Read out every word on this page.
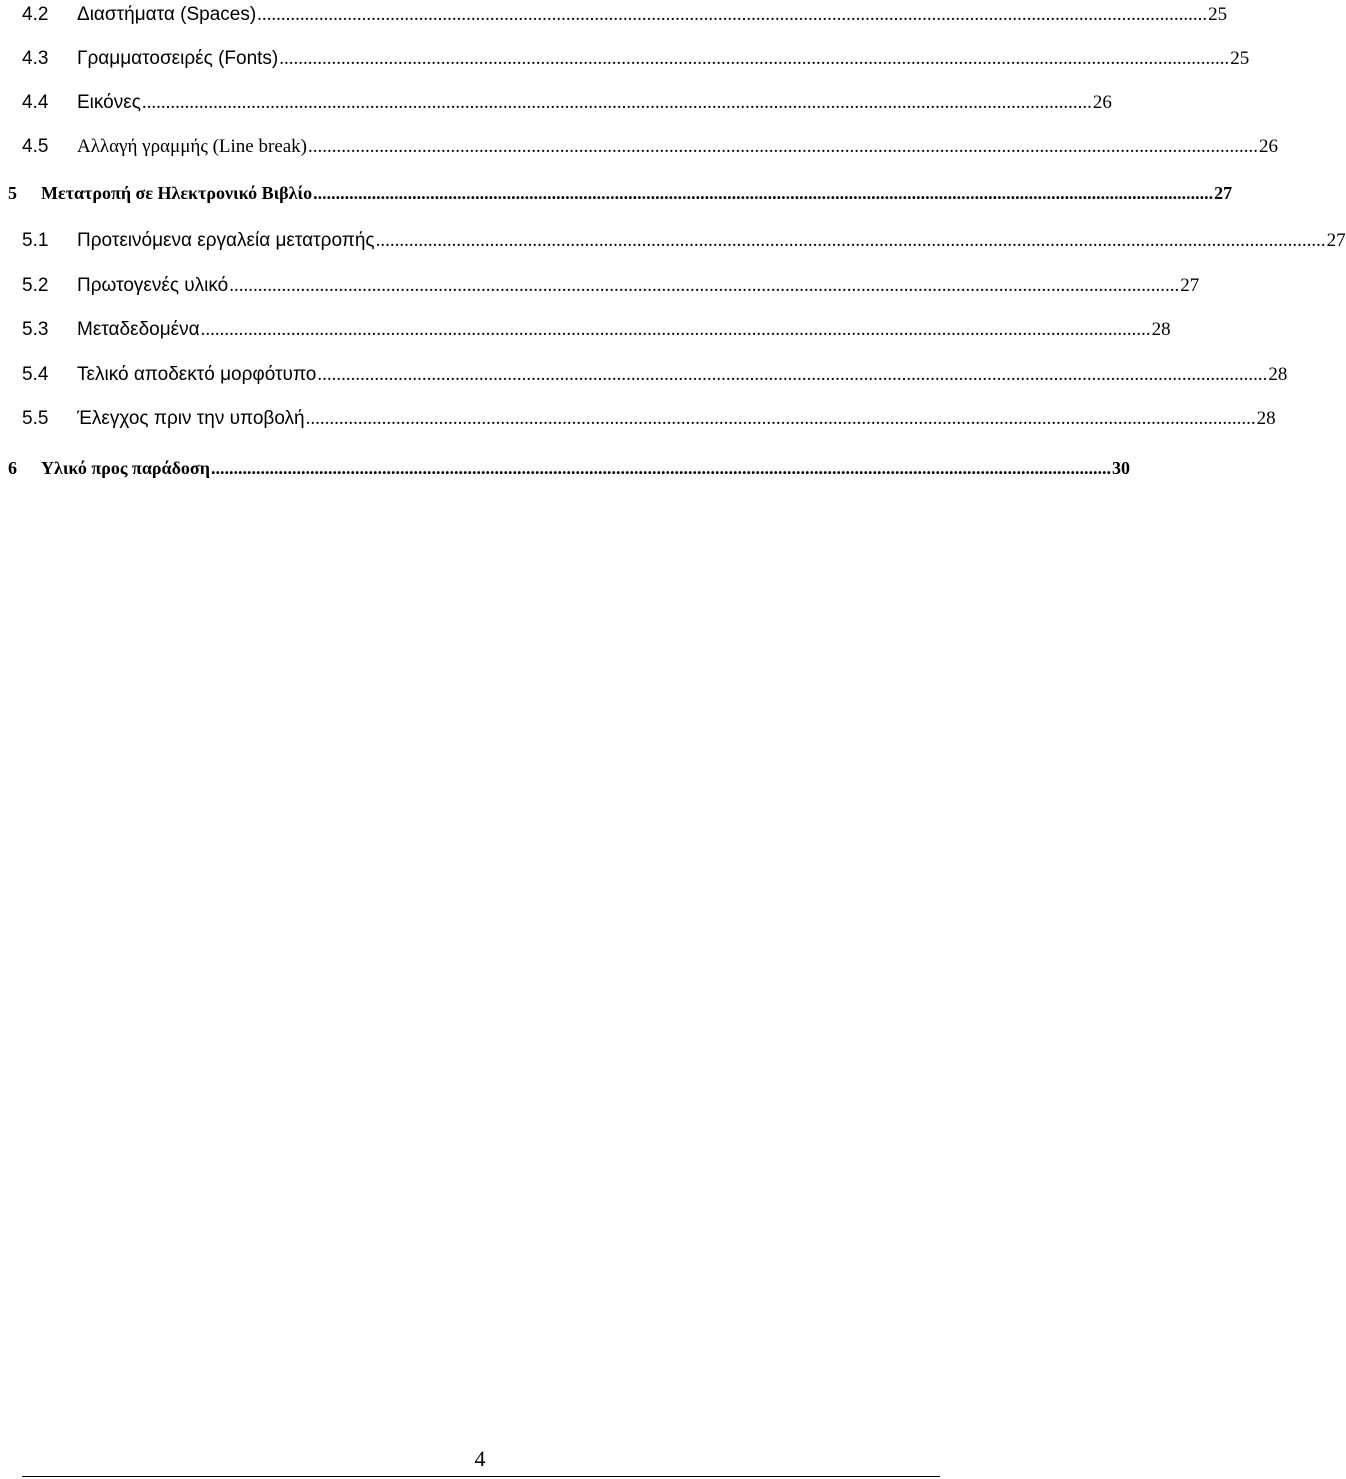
4.2	Διαστήματα (Spaces) ........................................................................................................................................................................................................ 25
4.3	Γραμματοσειρές (Fonts) ........................................................................................................................................................................................................ 25
4.4	Εικόνες ........................................................................................................................................................................................................ 26
4.5	Αλλαγή γραμμής (Line break) ........................................................................................................................................................................................................ 26
5	Μετατροπή σε Ηλεκτρονικό Βιβλίο ........................................................................................................................................................................................................ 27
5.1	Προτεινόμενα εργαλεία μετατροπής ........................................................................................................................................................................................................ 27
5.2	Πρωτογενές υλικό ........................................................................................................................................................................................................ 27
5.3	Μεταδεδομένα ........................................................................................................................................................................................................ 28
5.4	Τελικό αποδεκτό μορφότυπο ........................................................................................................................................................................................................ 28
5.5	Έλεγχος πριν την υποβολή ........................................................................................................................................................................................................ 28
6	Υλικό προς παράδοση ........................................................................................................................................................................................................ 30
4
